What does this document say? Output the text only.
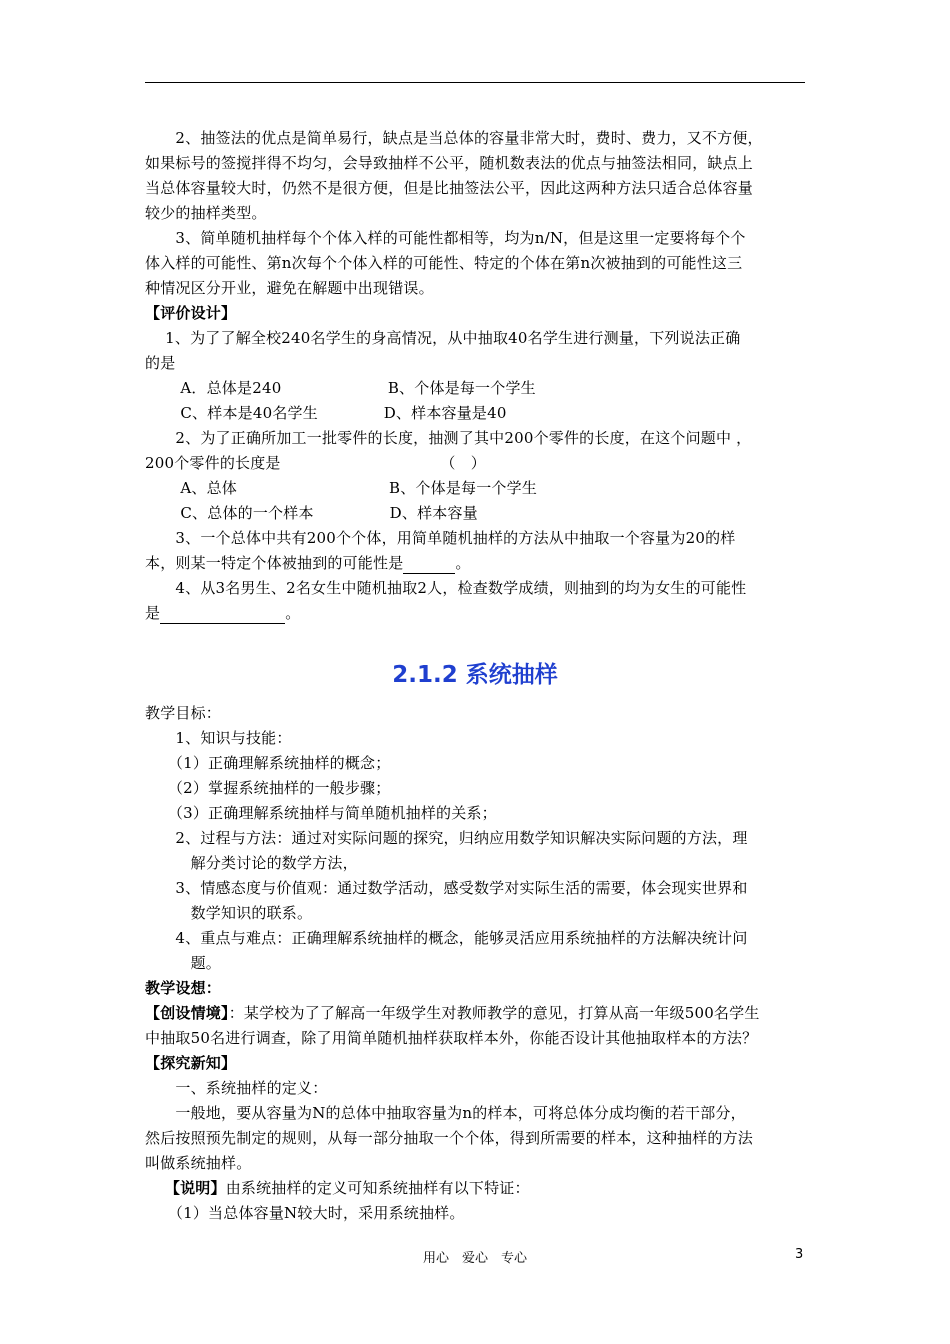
　　2、抽签法的优点是简单易行，缺点是当总体的容量非常大时，费时、费力，又不方便，
如果标号的签搅拌得不均匀，会导致抽样不公平，随机数表法的优点与抽签法相同，缺点上
当总体容量较大时，仍然不是很方便，但是比抽签法公平，因此这两种方法只适合总体容量
较少的抽样类型。
　　3、简单随机抽样每个个体入样的可能性都相等，均为n/N，但是这里一定要将每个个
体入样的可能性、第n次每个个体入样的可能性、特定的个体在第n次被抽到的可能性这三
种情况区分开业，避免在解题中出现错误。
【评价设计】
　 1、为了了解全校240名学生的身高情况，从中抽取40名学生进行测量，下列说法正确
的是
　　 A．总体是240　　　　　　　B、个体是每一个学生
　　 C、样本是40名学生　　　　 D、样本容量是40
　　2、为了正确所加工一批零件的长度，抽测了其中200个零件的长度，在这个问题中 ，
200个零件的长度是　　　　　　　　　　　（　）
　　 A、总体　　　　　　　　　　B、个体是每一个学生
　　 C、总体的一个样本　　　　　D、样本容量
　　3、一个总体中共有200个个体，用简单随机抽样的方法从中抽取一个容量为20的样
本，则某一特定个体被抽到的可能性是	。
　　4、从3名男生、2名女生中随机抽取2人，检查数学成绩，则抽到的均为女生的可能性
是	。
2.1.2 系统抽样
教学目标：
　　1、知识与技能：
　　（1）正确理解系统抽样的概念；
　　（2）掌握系统抽样的一般步骤；
　　（3）正确理解系统抽样与简单随机抽样的关系；
　　2、过程与方法：通过对实际问题的探究，归纳应用数学知识解决实际问题的方法，理
　　　解分类讨论的数学方法，
　　3、情感态度与价值观：通过数学活动，感受数学对实际生活的需要，体会现实世界和
　　　数学知识的联系。
　　4、重点与难点：正确理解系统抽样的概念，能够灵活应用系统抽样的方法解决统计问
　　　题。
教学设想：
【创设情境】：某学校为了了解高一年级学生对教师教学的意见，打算从高一年级500名学生
中抽取50名进行调查，除了用简单随机抽样获取样本外，你能否设计其他抽取样本的方法？
【探究新知】
　　一、系统抽样的定义：
　　一般地，要从容量为N的总体中抽取容量为n的样本，可将总体分成均衡的若干部分，
然后按照预先制定的规则，从每一部分抽取一个个体，得到所需要的样本，这种抽样的方法
叫做系统抽样。
【说明】由系统抽样的定义可知系统抽样有以下特证：
　　（1）当总体容量N较大时，采用系统抽样。
用心　爱心　专心	3
